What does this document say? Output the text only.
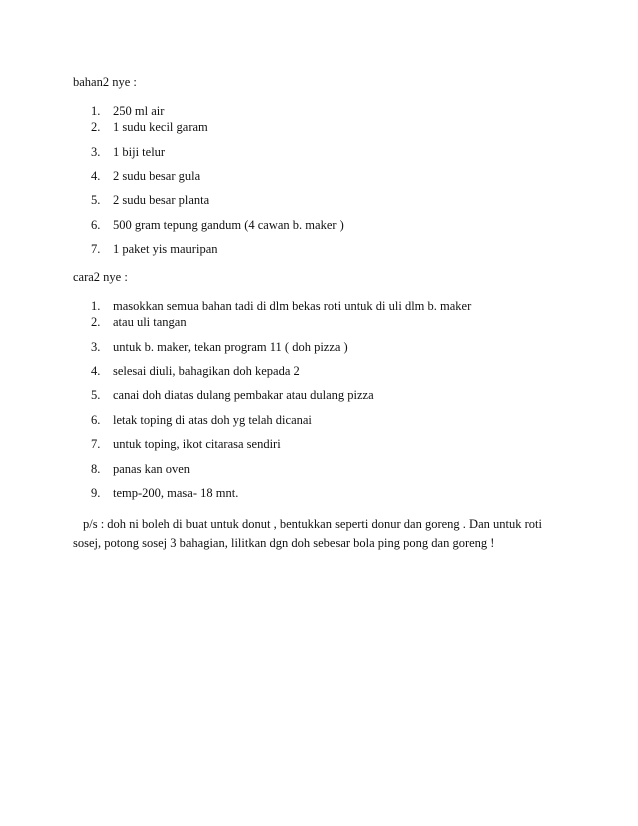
bahan2 nye :
1. 250 ml air
2. 1 sudu kecil garam
3. 1 biji telur
4. 2 sudu besar gula
5. 2 sudu besar planta
6. 500 gram tepung gandum (4 cawan b. maker )
7. 1 paket yis mauripan
cara2 nye :
1. masokkan semua bahan tadi di dlm bekas roti untuk di uli dlm b. maker
2. atau uli tangan
3. untuk b. maker, tekan program 11 ( doh pizza )
4. selesai diuli, bahagikan doh kepada 2
5. canai doh diatas dulang pembakar atau dulang pizza
6. letak toping di atas doh yg telah dicanai
7. untuk toping, ikot citarasa sendiri
8. panas kan oven
9. temp-200, masa- 18 mnt.
p/s : doh ni boleh di buat untuk donut , bentukkan seperti donur dan goreng . Dan untuk roti
sosej, potong sosej 3 bahagian, lilitkan dgn doh sebesar bola ping pong dan goreng !
